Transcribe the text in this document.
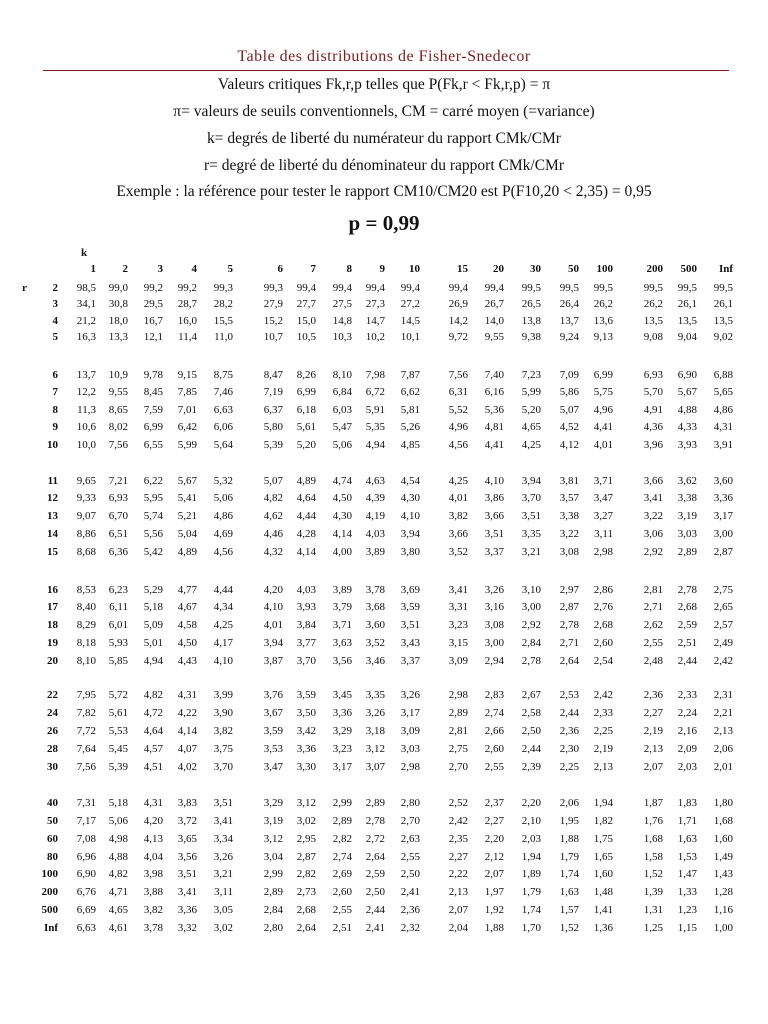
Table des distributions de Fisher-Snedecor
Valeurs critiques Fk,r,p telles que P(Fk,r < Fk,r,p) = π
π= valeurs de seuils conventionnels, CM = carré moyen (=variance)
k= degrés de liberté du numérateur du rapport CMk/CMr
r= degré de liberté du dénominateur du rapport CMk/CMr
Exemple : la référence pour tester le rapport CM10/CM20 est P(F10,20 < 2,35) = 0,95
p = 0,99
k
1 2	3	4	5	6	7	8	9 10	15 20 30 50 100	200 500 Inf
r 2 98,5 99,0 99,2 99,2 99,3	99,3 99,4 99,4 99,4 99,4	99,4 99,4 99,5 99,5 99,5	99,5 99,5 99,5
3 34,1 30,8 29,5 28,7 28,2	27,9 27,7 27,5 27,3 27,2	26,9 26,7 26,5 26,4 26,2	26,2 26,1 26,1
4 21,2 18,0 16,7 16,0 15,5	15,2 15,0 14,8 14,7 14,5	14,2 14,0 13,8 13,7 13,6	13,5 13,5 13,5
5 16,3 13,3 12,1 11,4 11,0	10,7 10,5 10,3 10,2 10,1	9,72 9,55 9,38 9,24 9,13	9,08 9,04 9,02
6 13,7 10,9 9,78 9,15 8,75	8,47 8,26 8,10 7,98 7,87	7,56 7,40 7,23 7,09 6,99	6,93 6,90 6,88
7 12,2 9,55 8,45 7,85 7,46	7,19 6,99 6,84 6,72 6,62	6,31 6,16 5,99 5,86 5,75	5,70 5,67 5,65
8 11,3 8,65 7,59 7,01 6,63	6,37 6,18 6,03 5,91 5,81	5,52 5,36 5,20 5,07 4,96	4,91 4,88 4,86
9 10,6 8,02 6,99 6,42 6,06	5,80 5,61 5,47 5,35 5,26	4,96 4,81 4,65 4,52 4,41	4,36 4,33 4,31
10 10,0 7,56 6,55 5,99 5,64	5,39 5,20 5,06 4,94 4,85	4,56 4,41 4,25 4,12 4,01	3,96 3,93 3,91
11 9,65 7,21 6,22 5,67 5,32	5,07 4,89 4,74 4,63 4,54	4,25 4,10 3,94 3,81 3,71	3,66 3,62 3,60
12 9,33 6,93 5,95 5,41 5,06	4,82 4,64 4,50 4,39 4,30	4,01 3,86 3,70 3,57 3,47	3,41 3,38 3,36
13 9,07 6,70 5,74 5,21 4,86	4,62 4,44 4,30 4,19 4,10	3,82 3,66 3,51 3,38 3,27	3,22 3,19 3,17
14 8,86 6,51 5,56 5,04 4,69	4,46 4,28 4,14 4,03 3,94	3,66 3,51 3,35 3,22 3,11	3,06 3,03 3,00
15 8,68 6,36 5,42 4,89 4,56	4,32 4,14 4,00 3,89 3,80	3,52 3,37 3,21 3,08 2,98	2,92 2,89 2,87
16 8,53 6,23 5,29 4,77 4,44	4,20 4,03 3,89 3,78 3,69	3,41 3,26 3,10 2,97 2,86	2,81 2,78 2,75
17 8,40 6,11 5,18 4,67 4,34	4,10 3,93 3,79 3,68 3,59	3,31 3,16 3,00 2,87 2,76	2,71 2,68 2,65
18 8,29 6,01 5,09 4,58 4,25	4,01 3,84 3,71 3,60 3,51	3,23 3,08 2,92 2,78 2,68	2,62 2,59 2,57
19 8,18 5,93 5,01 4,50 4,17	3,94 3,77 3,63 3,52 3,43	3,15 3,00 2,84 2,71 2,60	2,55 2,51 2,49
20 8,10 5,85 4,94 4,43 4,10	3,87 3,70 3,56 3,46 3,37	3,09 2,94 2,78 2,64 2,54	2,48 2,44 2,42
22 7,95 5,72 4,82 4,31 3,99	3,76 3,59 3,45 3,35 3,26	2,98 2,83 2,67 2,53 2,42	2,36 2,33 2,31
24 7,82 5,61 4,72 4,22 3,90	3,67 3,50 3,36 3,26 3,17	2,89 2,74 2,58 2,44 2,33	2,27 2,24 2,21
26 7,72 5,53 4,64 4,14 3,82	3,59 3,42 3,29 3,18 3,09	2,81 2,66 2,50 2,36 2,25	2,19 2,16 2,13
28 7,64 5,45 4,57 4,07 3,75	3,53 3,36 3,23 3,12 3,03	2,75 2,60 2,44 2,30 2,19	2,13 2,09 2,06
30 7,56 5,39 4,51 4,02 3,70	3,47 3,30 3,17 3,07 2,98	2,70 2,55 2,39 2,25 2,13	2,07 2,03 2,01
40 7,31 5,18 4,31 3,83 3,51	3,29 3,12 2,99 2,89 2,80	2,52 2,37 2,20 2,06 1,94	1,87 1,83 1,80
50 7,17 5,06 4,20 3,72 3,41	3,19 3,02 2,89 2,78 2,70	2,42 2,27 2,10 1,95 1,82	1,76 1,71 1,68
60 7,08 4,98 4,13 3,65 3,34	3,12 2,95 2,82 2,72 2,63	2,35 2,20 2,03 1,88 1,75	1,68 1,63 1,60
80 6,96 4,88 4,04 3,56 3,26	3,04 2,87 2,74 2,64 2,55	2,27 2,12 1,94 1,79 1,65	1,58 1,53 1,49
100 6,90 4,82 3,98 3,51 3,21	2,99 2,82 2,69 2,59 2,50	2,22 2,07 1,89 1,74 1,60	1,52 1,47 1,43
200 6,76 4,71 3,88 3,41 3,11	2,89 2,73 2,60 2,50 2,41	2,13 1,97 1,79 1,63 1,48	1,39 1,33 1,28
500 6,69 4,65 3,82 3,36 3,05	2,84 2,68 2,55 2,44 2,36	2,07 1,92 1,74 1,57 1,41	1,31 1,23 1,16
Inf 6,63 4,61 3,78 3,32 3,02	2,80 2,64 2,51 2,41 2,32	2,04 1,88 1,70 1,52 1,36	1,25 1,15 1,00
